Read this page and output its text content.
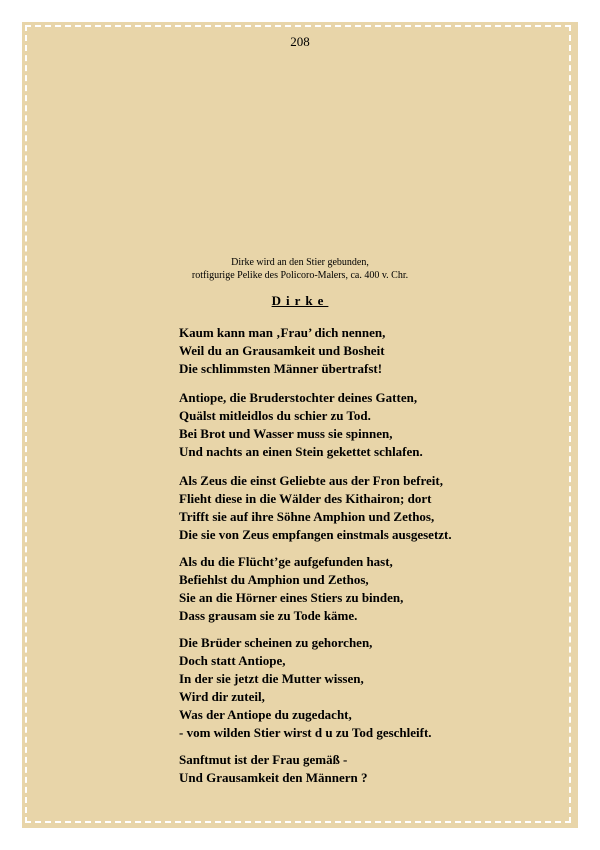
208
Dirke wird an den Stier gebunden,
rotfigurige Pelike des Policoro-Malers, ca. 400 v. Chr.
Dirke
Kaum kann man ‚Frau’ dich nennen,
Weil du an Grausamkeit und Bosheit
Die schlimmsten Männer übertrafst!
Antiope, die Bruderstochter deines Gatten,
Quälst mitleidlos du schier zu Tod.
Bei Brot und Wasser muss sie spinnen,
Und nachts an einen Stein gekettet schlafen.
Als Zeus die einst Geliebte aus der Fron befreit,
Flieht diese in die Wälder des Kithairon; dort
Trifft sie auf ihre Söhne Amphion und Zethos,
Die sie von Zeus empfangen einstmals ausgesetzt.
Als du die Flücht’ge aufgefunden hast,
Befiehlst du Amphion und Zethos,
Sie an die Hörner eines Stiers zu binden,
Dass grausam sie zu Tode käme.
Die Brüder scheinen zu gehorchen,
Doch statt Antiope,
In der sie jetzt die Mutter wissen,
Wird dir zuteil,
Was der Antiope du zugedacht,
- vom wilden Stier wirst d u zu Tod geschleift.
Sanftmut ist der Frau gemäß -
Und Grausamkeit den Männern ?
